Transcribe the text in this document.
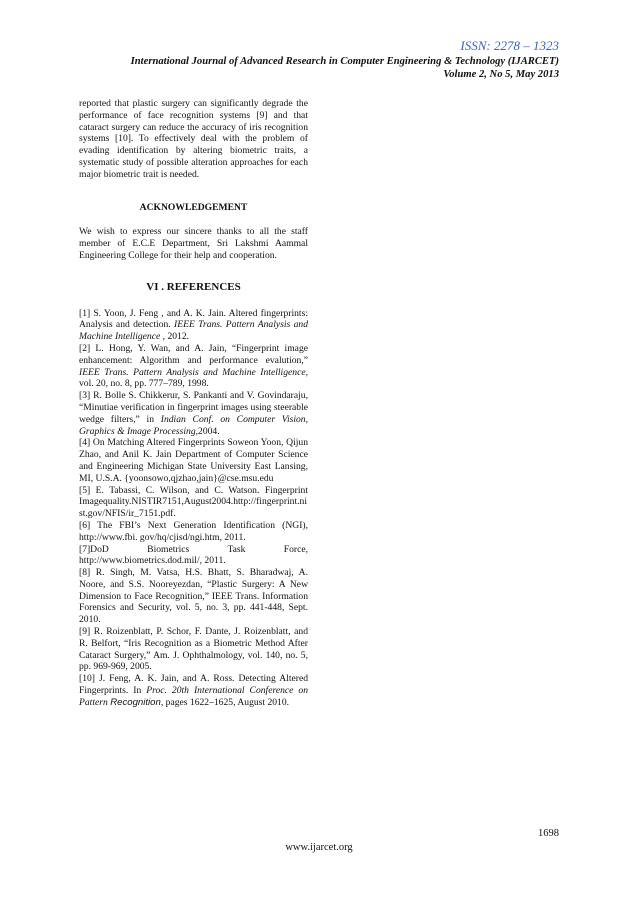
ISSN: 2278 – 1323
International Journal of Advanced Research in Computer Engineering & Technology (IJARCET)
Volume 2, No 5, May 2013

reported that plastic surgery can significantly degrade the performance of face recognition systems [9] and that cataract surgery can reduce the accuracy of iris recognition systems [10]. To effectively deal with the problem of evading identification by altering biometric traits, a systematic study of possible alteration approaches for each major biometric trait is needed.

ACKNOWLEDGEMENT

We wish to express our sincere thanks to all the staff member of E.C.E Department, Sri Lakshmi Aammal Engineering College for their help and cooperation.

VI . REFERENCES

[1] S. Yoon, J. Feng , and A. K. Jain. Altered fingerprints: Analysis and detection. IEEE Trans. Pattern Analysis and Machine Intelligence , 2012.

[2] L. Hong, Y. Wan, and A. Jain, “Fingerprint image enhancement: Algorithm and performance evalution,” IEEE Trans. Pattern Analysis and Machine Intelligence, vol. 20, no. 8, pp. 777–789, 1998.

[3] R. Bolle S. Chikkerur, S. Pankanti and V. Govindaraju, “Minutiae verification in fingerprint images using steerable wedge filters,” in Indian Conf. on Computer Vision, Graphics & Image Processing,2004.

[4] On Matching Altered Fingerprints Soweon Yoon, Qijun Zhao, and Anil K. Jain Department of Computer Science and Engineering Michigan State University East Lansing, MI, U.S.A. {yoonsowo,qjzhao,jain}@cse.msu.edu

[5] E. Tabassi, C. Wilson, and C. Watson. Fingerprint Imagequality.NISTIR7151,August2004.http://fingerprint.nist.gov/NFIS/ir_7151.pdf.

[6] The FBI’s Next Generation Identification (NGI), http://www.fbi. gov/hq/cjisd/ngi.htm, 2011.

[7]DoD Biometrics Task Force, http://www.biometrics.dod.mil/, 2011.

[8] R. Singh, M. Vatsa, H.S. Bhatt, S. Bharadwaj, A. Noore, and S.S. Nooreyezdan, “Plastic Surgery: A New Dimension to Face Recognition,” IEEE Trans. Information Forensics and Security, vol. 5, no. 3, pp. 441-448, Sept. 2010.

[9] R. Roizenblatt, P. Schor, F. Dante, J. Roizenblatt, and R. Belfort, “Iris Recognition as a Biometric Method After Cataract Surgery,” Am. J. Ophthalmology, vol. 140, no. 5, pp. 969-969, 2005.

[10] J. Feng, A. K. Jain, and A. Ross. Detecting Altered Fingerprints. In Proc. 20th International Conference on Pattern Recognition, pages 1622–1625, August 2010.

1698
www.ijarcet.org
